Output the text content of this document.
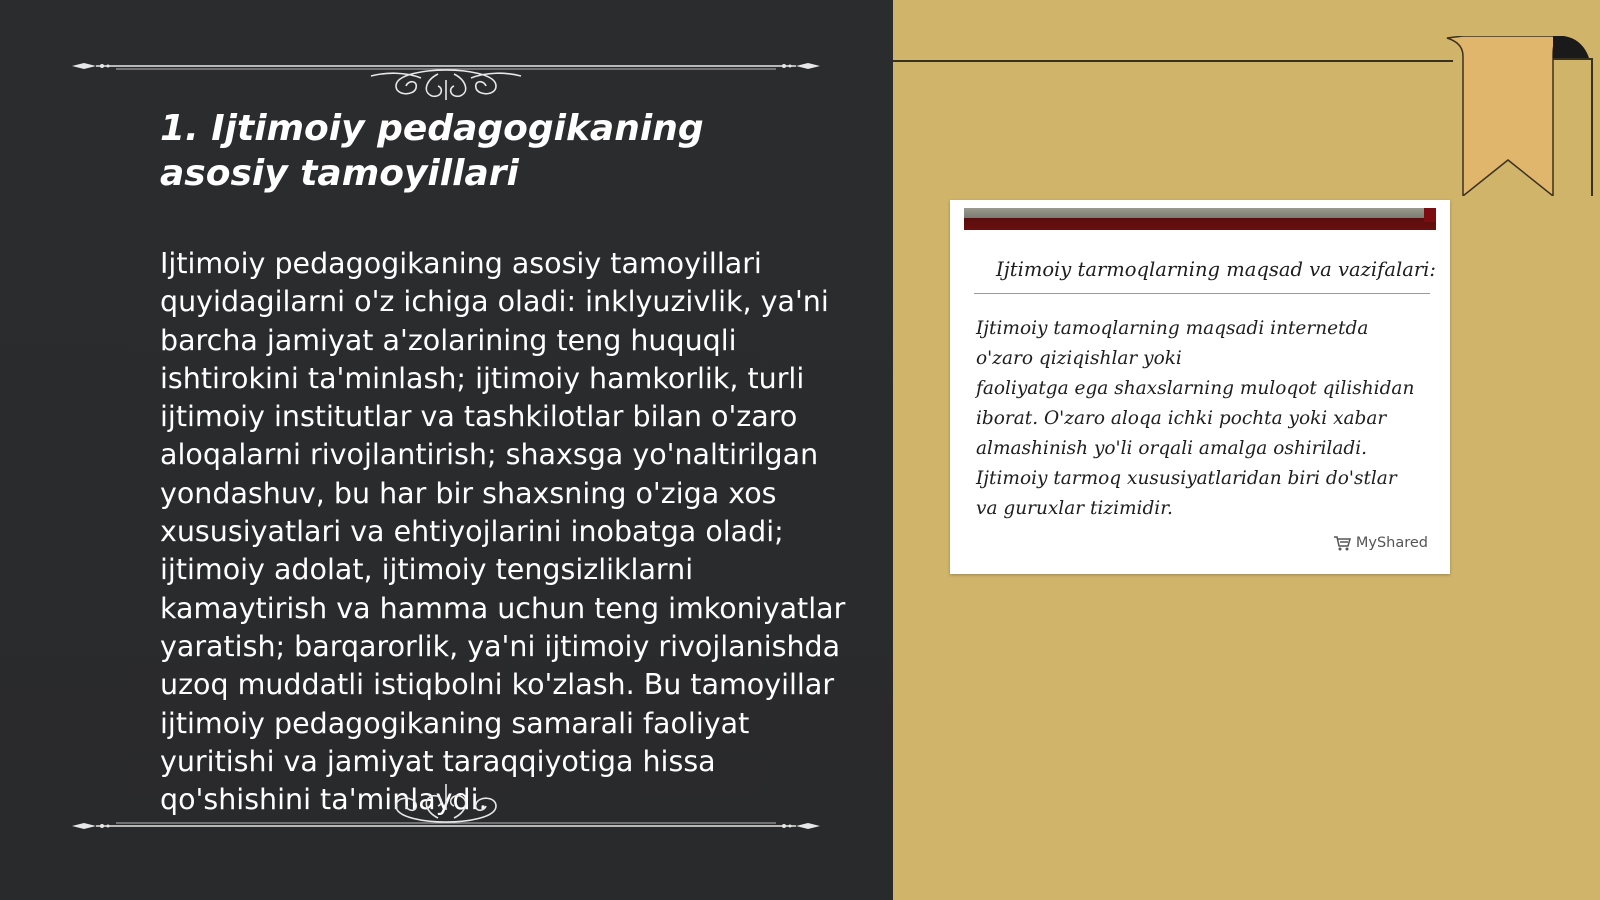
1. Ijtimoiy pedagogikaning asosiy tamoyillari

Ijtimoiy pedagogikaning asosiy tamoyillari quyidagilarni o'z ichiga oladi: inklyuzivlik, ya'ni barcha jamiyat a'zolarining teng huquqli ishtirokini ta'minlash; ijtimoiy hamkorlik, turli ijtimoiy institutlar va tashkilotlar bilan o'zaro aloqalarni rivojlantirish; shaxsga yo'naltirilgan yondashuv, bu har bir shaxsning o'ziga xos xususiyatlari va ehtiyojlarini inobatga oladi; ijtimoiy adolat, ijtimoiy tengsizliklarni kamaytirish va hamma uchun teng imkoniyatlar yaratish; barqarorlik, ya'ni ijtimoiy rivojlanishda uzoq muddatli istiqbolni ko'zlash. Bu tamoyillar ijtimoiy pedagogikaning samarali faoliyat yuritishi va jamiyat taraqqiyotiga hissa qo'shishini ta'minlaydi.

Ijtimoiy tarmoqlarning maqsad va vazifalari:
Ijtimoiy tamoqlarning maqsadi internetda
o'zaro qiziqishlar yoki
faoliyatga ega shaxslarning muloqot qilishidan
iborat. O'zaro aloqa ichki pochta yoki xabar
almashinish yo'li orqali amalga oshiriladi.
Ijtimoiy tarmoq xususiyatlaridan biri do'stlar
va guruxlar tizimidir.
MyShared
